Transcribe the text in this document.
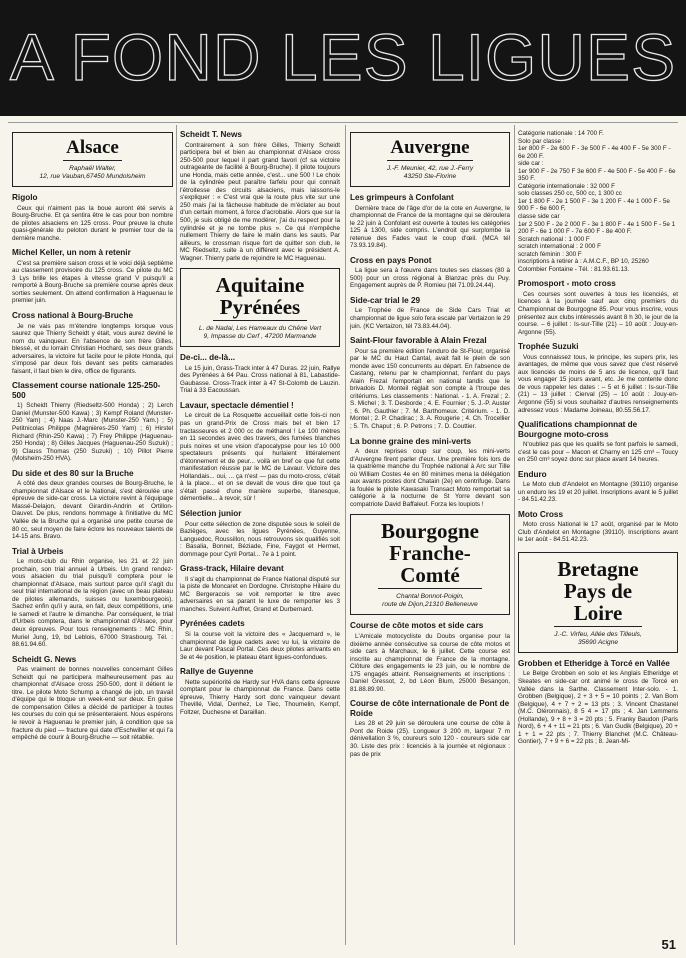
A FOND LES LIGUES
Alsace
Raphaël Walter,
12, rue Vauban,67450 Mundolsheim
Rigolo

Ceux qui n'aiment pas la boue auront été servis à Bourg-Bruche. Et ça sentira être le cas pour bon nombre de pilotes alsaciens en 125 cross. Pour preuve la chute quasi-générale du peloton durant le premier tour de la dernière manche.

Michel Keller, un nom à retenir

C'est sa première saison cross et le voici déjà septième au classement provisoire du 125 cross. Ce pilote du MC 3 Lys brille les étapes à vitesse grand V puisqu'il a remporté à Bourg-Bruche sa première course après deux sorties seulement. On attend confirmation à Haguenau le premier juin.

Cross national à Bourg-Bruche

Je ne vais pas m'étendre longtemps lorsque vous saurez que Thierry Scheidt y était, vous aurez deviné le nom du vainqueur. En l'absence de son frère Gilles, blessé, et du lorrain Christian Hochard, ses deux grands adversaires, la victoire fut facile pour le pilote Honda, qui s'imposé par deux fois devant ses petits camarades faisant, il faut bien le dire, office de figurants.

Classement course nationale 125-250-500

1) Scheidt Thierry (Riedseltz-500 Honda) ; 2) Lerch Daniel (Munster-500 Kawa) ; 3) Kempf Roland (Munster-250 Yam) ; 4) Naas J.-Marc (Munster-250 Yam.) ; 5) Petitnicolas Philippe (Magnières-250 Yam) ; 6) Hirstel Richard (Rhin-250 Kawa) ; 7) Frey Philippe (Haguenau-250 Honda) ; 8) Gilles Jacques (Haguenau-250 Suzuki) ; 9) Clauss Thomas (250 Suzuki) ; 10) Pillot Pierre (Molsheim-250 HVA).

Du side et des 80 sur la Bruche

A côté des deux grandes courses de Bourg-Bruche, le championnat d'Alsace et le National, s'est déroulée une épreuve de side-car cross. La victoire revint à l'équipage Massé-Delajon, devant Girardin-Andrin et Ortillon-Dauvet. De plus, rendons hommage à l'initiative du MC Vallée de la Bruche qui a organisé une petite course de 80 cc, seul moyen de faire éclore les nouveaux talents de 14-15 ans. Bravo.

Trial à Urbeis

Le moto-club du Rhin organise, les 21 et 22 juin prochain, son trial annuel à Urbeis. Un grand rendez-vous alsacien du trial puisqu'il comptera pour le championnat d'Alsace, mais surtout parce qu'il s'agit du seul trial international de la région (avec un beau plateau de pilotes allemands, suisses ou luxembourgeois). Sachez enfin qu'il y aura, en fait, deux compétitions, une le samedi et l'autre le dimanche. Par conséquent, le trial d'Urbeis comptera, dans le championnat d'Alsace, pour deux épreuves. Pour tous renseignements : MC Rhin, Muriel Jung, 19, bd Leblois, 67000 Strasbourg. Tél. : 88.61.94.60.

Scheidt G. News

Pas vraiment de bonnes nouvelles concernant Gilles Scheidt qui ne participera malheureusement pas au championnat d'Alsace cross 250-500, dont il détient le titre. Le pilote Moto Schump a changé de job, un travail d'équipe qui le bloque un week-end sur deux. En guise de compensation Gilles a décidé de participer à toutes les courses du coin qui se présenteraient. Nous espérons le revoir à Haguenau le premier juin, à condition que sa fracture du pied — fracture qui date d'Eschwiller et qui l'a empêché de courir à Bourg-Bruche — soit rétablie.

Scheidt T. News

Contrairement à son frère Gilles, Thierry Scheidt participera bel et bien au championnat d'Alsace cross 250-500 pour lequel il part grand favori (cf sa victoire outrageante de facilité à Bourg-Bruche). Il pilote toujours une Honda, mais cette année, c'est... une 500 ! Le choix de la cylindrée peut paraître farfelu pour qui connaît l'étroitesse des circuits alsaciens, mais laissons-le s'expliquer : « C'est vrai que la route plus vite sur une 250 mais j'ai la fâcheuse habitude de m'éclater au bout d'un certain moment, à force d'acrobatie. Alors que sur la 500, je suis obligé de me modérer, j'ai du respect pour la cylindrée et je ne tombe plus ». Ce qui n'empêche nullement Thierry de faire le malin dans les sauts. Par ailleurs, le crossman risque fort de quitter son club, le MC Riedseltz, suite à un différent avec le président A. Wagner. Thierry parle de rejoindre le MC Haguenau.

Aquitaine
Pyrénées
L. de Nadai, Les Hameaux du Chêne Vert
9, Impasse du Cerf , 47200 Marmande
De-ci... de-là...

Le 15 juin, Grass-Track inter à 47 Duras. 22 juin, Rallye des Pyrénées à 64 Pau. Cross national à 81, Labastide-Gaubasse. Cross-Track inter à 47 St-Colomb de Lauzin. Trial à 33 Eacoussan.

Lavaur, spectacle démentiel !

Le circuit de La Rosquette accueillait cette fois-ci non pas un grand-Prix de Cross mais bel et bien 17 tractasseures et 2 000 cc de méthanol ! Le 100 mètres en 11 secondes avec des travers, des fumées blanches puis noires et une vision d'apocalypse pour les 10 000 spectateurs présents qui hurlaient littéralement d'étonnement et de peur... voilà en bref ce que fut cette manifestation réussie par le MC de Lavaur. Victoire des Hollandais... oui, ... ça n'est — pas du moto-cross, c'était à la place... et on se devait de vous dire que tout ça s'était passé d'une manière superbe, titanesque, démentielle... à revoir, sûr !

Sélection junior

Pour cette sélection de zone disputée sous le soleil de Bazièges, avec les ligues Pyrénées, Guyenne, Languedoc, Roussillon, nous retrouvons six qualifiés soit : Basalia, Bonnet, Béziade, Fine, Faygot et Hermet, dommage pour Cyril Portal... 7e à 1 point.

Grass-track, Hilaire devant

Il s'agit du championnat de France National disputé sur la piste de Moncaret en Dordogne. Christophe Hilaire du MC Bergeracois se voit remporter le titre avec adversaires en sa parant le luxe de remporter les 3 manches. Suivent Auffret, Grand et Durbernard.

Pyrénées cadets

Si la course voit la victoire des « Jacquemard », le championnat de ligue cadets avec vu lui, la victoire de Laur devant Pascal Portal. Ces deux pilotes arrivants en 3e et 4e position, le plateau étant ligues-confondues.

Rallye de Guyenne

Nette supériorité de Hardy sur HVA dans cette épreuve comptant pour le championnat de France. Dans cette épreuve, Thierry Hardy sort donc vainqueur devant Thevillé, Vidal, Denhez, Le Tiec, Thoumelin, Kempf, Foltzer, Duchesne et Daraillan.

Auvergne
J.-F. Meunier, 42, rue J.-Ferry
43250 Ste-Florine
Les grimpeurs à Confolant

Dernière trace de l'âge d'or de la cote en Auvergne, le championnat de France de la montagne qui se déroulera le 22 juin à Confolant est ouverte à toutes les catégories 125 à 1300, side compris. L'endroit qui surplombe la retenue des Fades vaut le coup d'œil. (MCA tél 73.93.19.84).

Cross en pays Ponot

La ligue sera à l'œuvre dans toutes ses classes (80 à 500) pour un cross régional à Blanzac près du Puy. Engagement auprès de P. Romieu (tél 71.09.24.44).

Side-car trial le 29

Le Trophée de France de Side Cars Trial et championnat de ligue solo fera escale par Vertaizon le 29 juin. (KC Vertaizon, tél 73.83.44.04).

Saint-Flour favorable à Alain Frezal

Pour sa première édition l'enduro de St-Flour, organisé par le MC du Haut Cantal, avait fait le plein de son monde avec 150 concurrents au départ. En l'absence de Castang, retenu par le championnat, l'enfant du pays Alain Frezal l'emportait en national tandis que le brivadois D. Monteil réglait son compte à l'troupe des critériums. Les classements : National. - 1. A. Frezal ; 2. S. Michel ; 3. T. Desborde ; 4. E. Fournier ; 5. J.-P. Auster ; 6. Ph. Gauthier ; 7. M. Barthomeux. Critérium. - 1. D. Montel ; 2. P. Chadirac ; 3. A. Rougerie ; 4. Ch. Trocellier ; 5. Th. Chaput ; 6. P. Petrons ; 7. D. Couttier.

La bonne graine des mini-verts

A deux reprises coup sur coup, les mini-verts d'Auvergne firent parler d'eux. Une première fois lors de la quatrième manche du Trophée national à Arc sur Tille où William Costes 4e en 80 minimes mena la délégation aux avants postes dont Chatain (2e) en centrifuge. Dans la foulée le pilote Kawasaki Transact Moto remportait sa catégorie à la nocturne de St Yorre devant son compatriote David Baffaleuf. Forza les loupiots !

Bourgogne
Franche-
Comté
Chantal Bonnot-Poigin,
route de Dijon,21310 Belleneuve
Course de côte motos et side cars

L'Amicale motocycliste du Doubs organise pour la dixième année consécutive sa course de côte motos et side cars à Marchaux, le 6 juillet. Cette course est inscrite au championnat de France de la montagne. Clôture des engagements le 23 juin, ou le nombre de 175 engagés atteint. Renseignements et inscriptions : Daniel Gressot, 2, bd Léon Blum, 25000 Besançon, 81.88.89.90.

Course de côte internationale de Pont de Roide

Les 28 et 29 juin se déroulera une course de côte à Pont de Roide (25). Longueur 3 200 m, largeur 7 m dénivellation 3 %, coureurs solo 120 - coureurs side car 30. Liste des prix : licenciés à la journée et régionaux : pas de prix

Catégorie nationale : 14 700 F.
Solo par classe :
1er 800 F - 2e 600 F - 3e 500 F - 4e 400 F - 5e 300 F - 6e 200 F.
side car :
1er 900 F - 2e 750 F 3e 600 F - 4e 500 F - 5e 400 F - 6e 350 F.
Catégorie internationale : 32 000 F
solo classes 250 cc, 500 cc, 1 300 cc
1er 1 800 F - 2e 1 500 F - 3e 1 200 F - 4e 1 000 F - 5e 900 F - 6e 600 F,
classe side car
1er 2 500 F - 2e 2 000 F - 3e 1 800 F - 4e 1 500 F - 5e 1 200 F - 6e 1 000 F - 7e 600 F - 8e 400 F.
Scratch national : 1 000 F
scratch international : 2 000 F
scratch féminin : 300 F
inscriptions à retirer à : A.M.C.F., BP 10, 25260 Colombier Fontaine - Tél. : 81.93.61.13.

Promosport - moto cross

Ces courses sont ouvertes à tous les licenciés, et licences à la journée sauf aux cinq premiers du Championnat de Bourgogne 85. Pour vous inscrire, vous présentez aux clubs intéressés avant 8 h 30, le jour de la course. – 6 juillet : Is-sur-Tille (21) – 10 août : Jouy-en-Argonne (55).

Trophée Suzuki

Vous connaissez tous, le principe, les supers prix, les avantages, de même que vous savez que c'est réservé aux licenciés de moins de 5 ans de licence, qu'il faut vous engager 15 jours avant, etc. Je me contente donc de vous rappeler les dates : – 5 et 6 juillet : Is-sur-Tille (21) – 13 juillet : Cierval (25) – 10 août : Jouy-en-Argonne (55) si vous souhaitez d'autres renseignements adressez vous : Madame Joineau, 80.55.56.17.

Qualifications championnat de Bourgogne moto-cross

N'oubliez pas que les qualifs se font parfois le samedi, c'est le cas pour – Macon et Charny en 125 cm³ – Toucy en 250 cm³ soyez donc sur place avant 14 heures.

Enduro

Le Moto club d'Andelot en Montagne (39110) organise un enduro les 19 et 20 juillet. Inscriptions avant le 5 juillet - 84.51.42.23.

Moto Cross

Moto cross National le 17 août, organisé par le Moto Club d'Andelot en Montagne (39110). Inscriptions avant le 1er août - 84.51.42.23.

Bretagne
Pays de
Loire
J.-C. Virfeu, Allée des Tilleuls,
35690 Acigne
Grobben et Etheridge à Torcé en Vallée

Le Belge Grobben en solo et les Anglais Etheridge et Skeates en side-car ont animé le cross de Torcé en Vallée dans la Sarthe. Classement Inter-solo. - 1. Grobben (Belgique), 2 + 3 + 5 = 10 points ; 2. Van Bom (Belgique), 4 + 7 + 2 = 13 pts ; 3. Vincent Chastanel (M.C. Oléronnais), 8 5 4 = 17 pts ; 4. Jan Lemmens (Hollande), 9 + 8 + 3 = 20 pts ; 5. Franky Baudon (Paris Nord), 6 + 4 + 11 = 21 pts ; 6. Van Gudik (Belgique), 20 + 1 + 1 = 22 pts ; 7. Thierry Blanchet (M.C. Château-Gontier), 7 + 9 + 6 = 22 pts ; 8. Jean-Mi-

51
